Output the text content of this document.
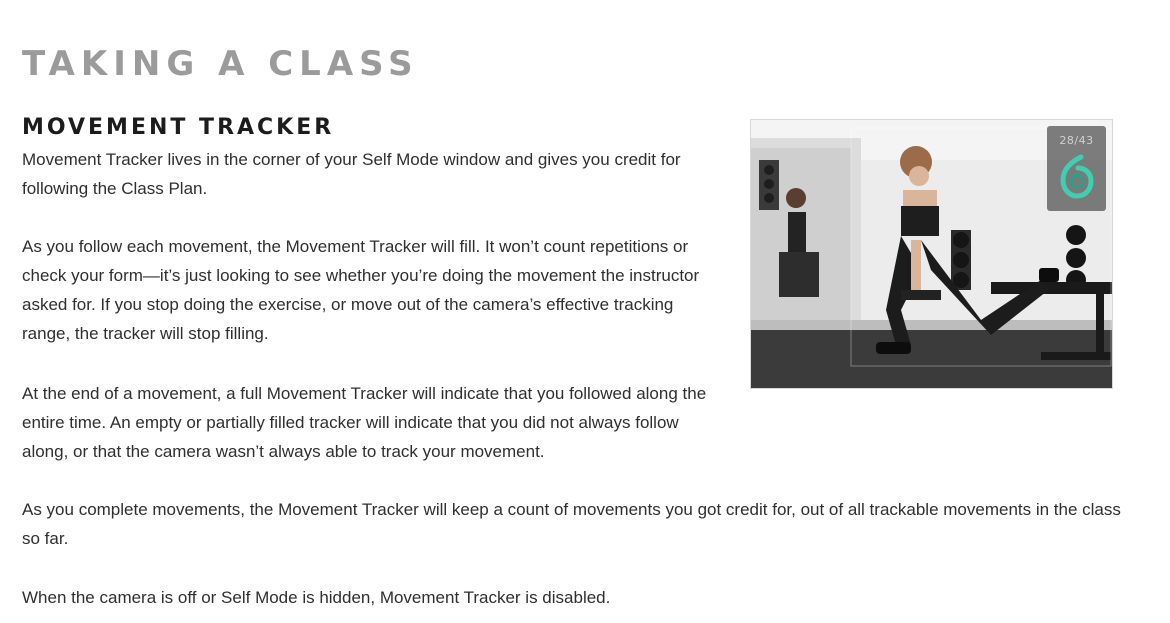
TAKING A CLASS
MOVEMENT TRACKER

Movement Tracker lives in the corner of your Self Mode window and gives you credit for following the Class Plan.

As you follow each movement, the Movement Tracker will fill. It won’t count repetitions or check your form—it’s just looking to see whether you’re doing the movement the instructor asked for. If you stop doing the exercise, or move out of the camera’s effective tracking range, the tracker will stop filling.

At the end of a movement, a full Movement Tracker will indicate that you followed along the entire time. An empty or partially filled tracker will indicate that you did not always follow along, or that the camera wasn’t always able to track your movement.

As you complete movements, the Movement Tracker will keep a count of movements you got credit for, out of all trackable movements in the class so far.

When the camera is off or Self Mode is hidden, Movement Tracker is disabled.

28/43
